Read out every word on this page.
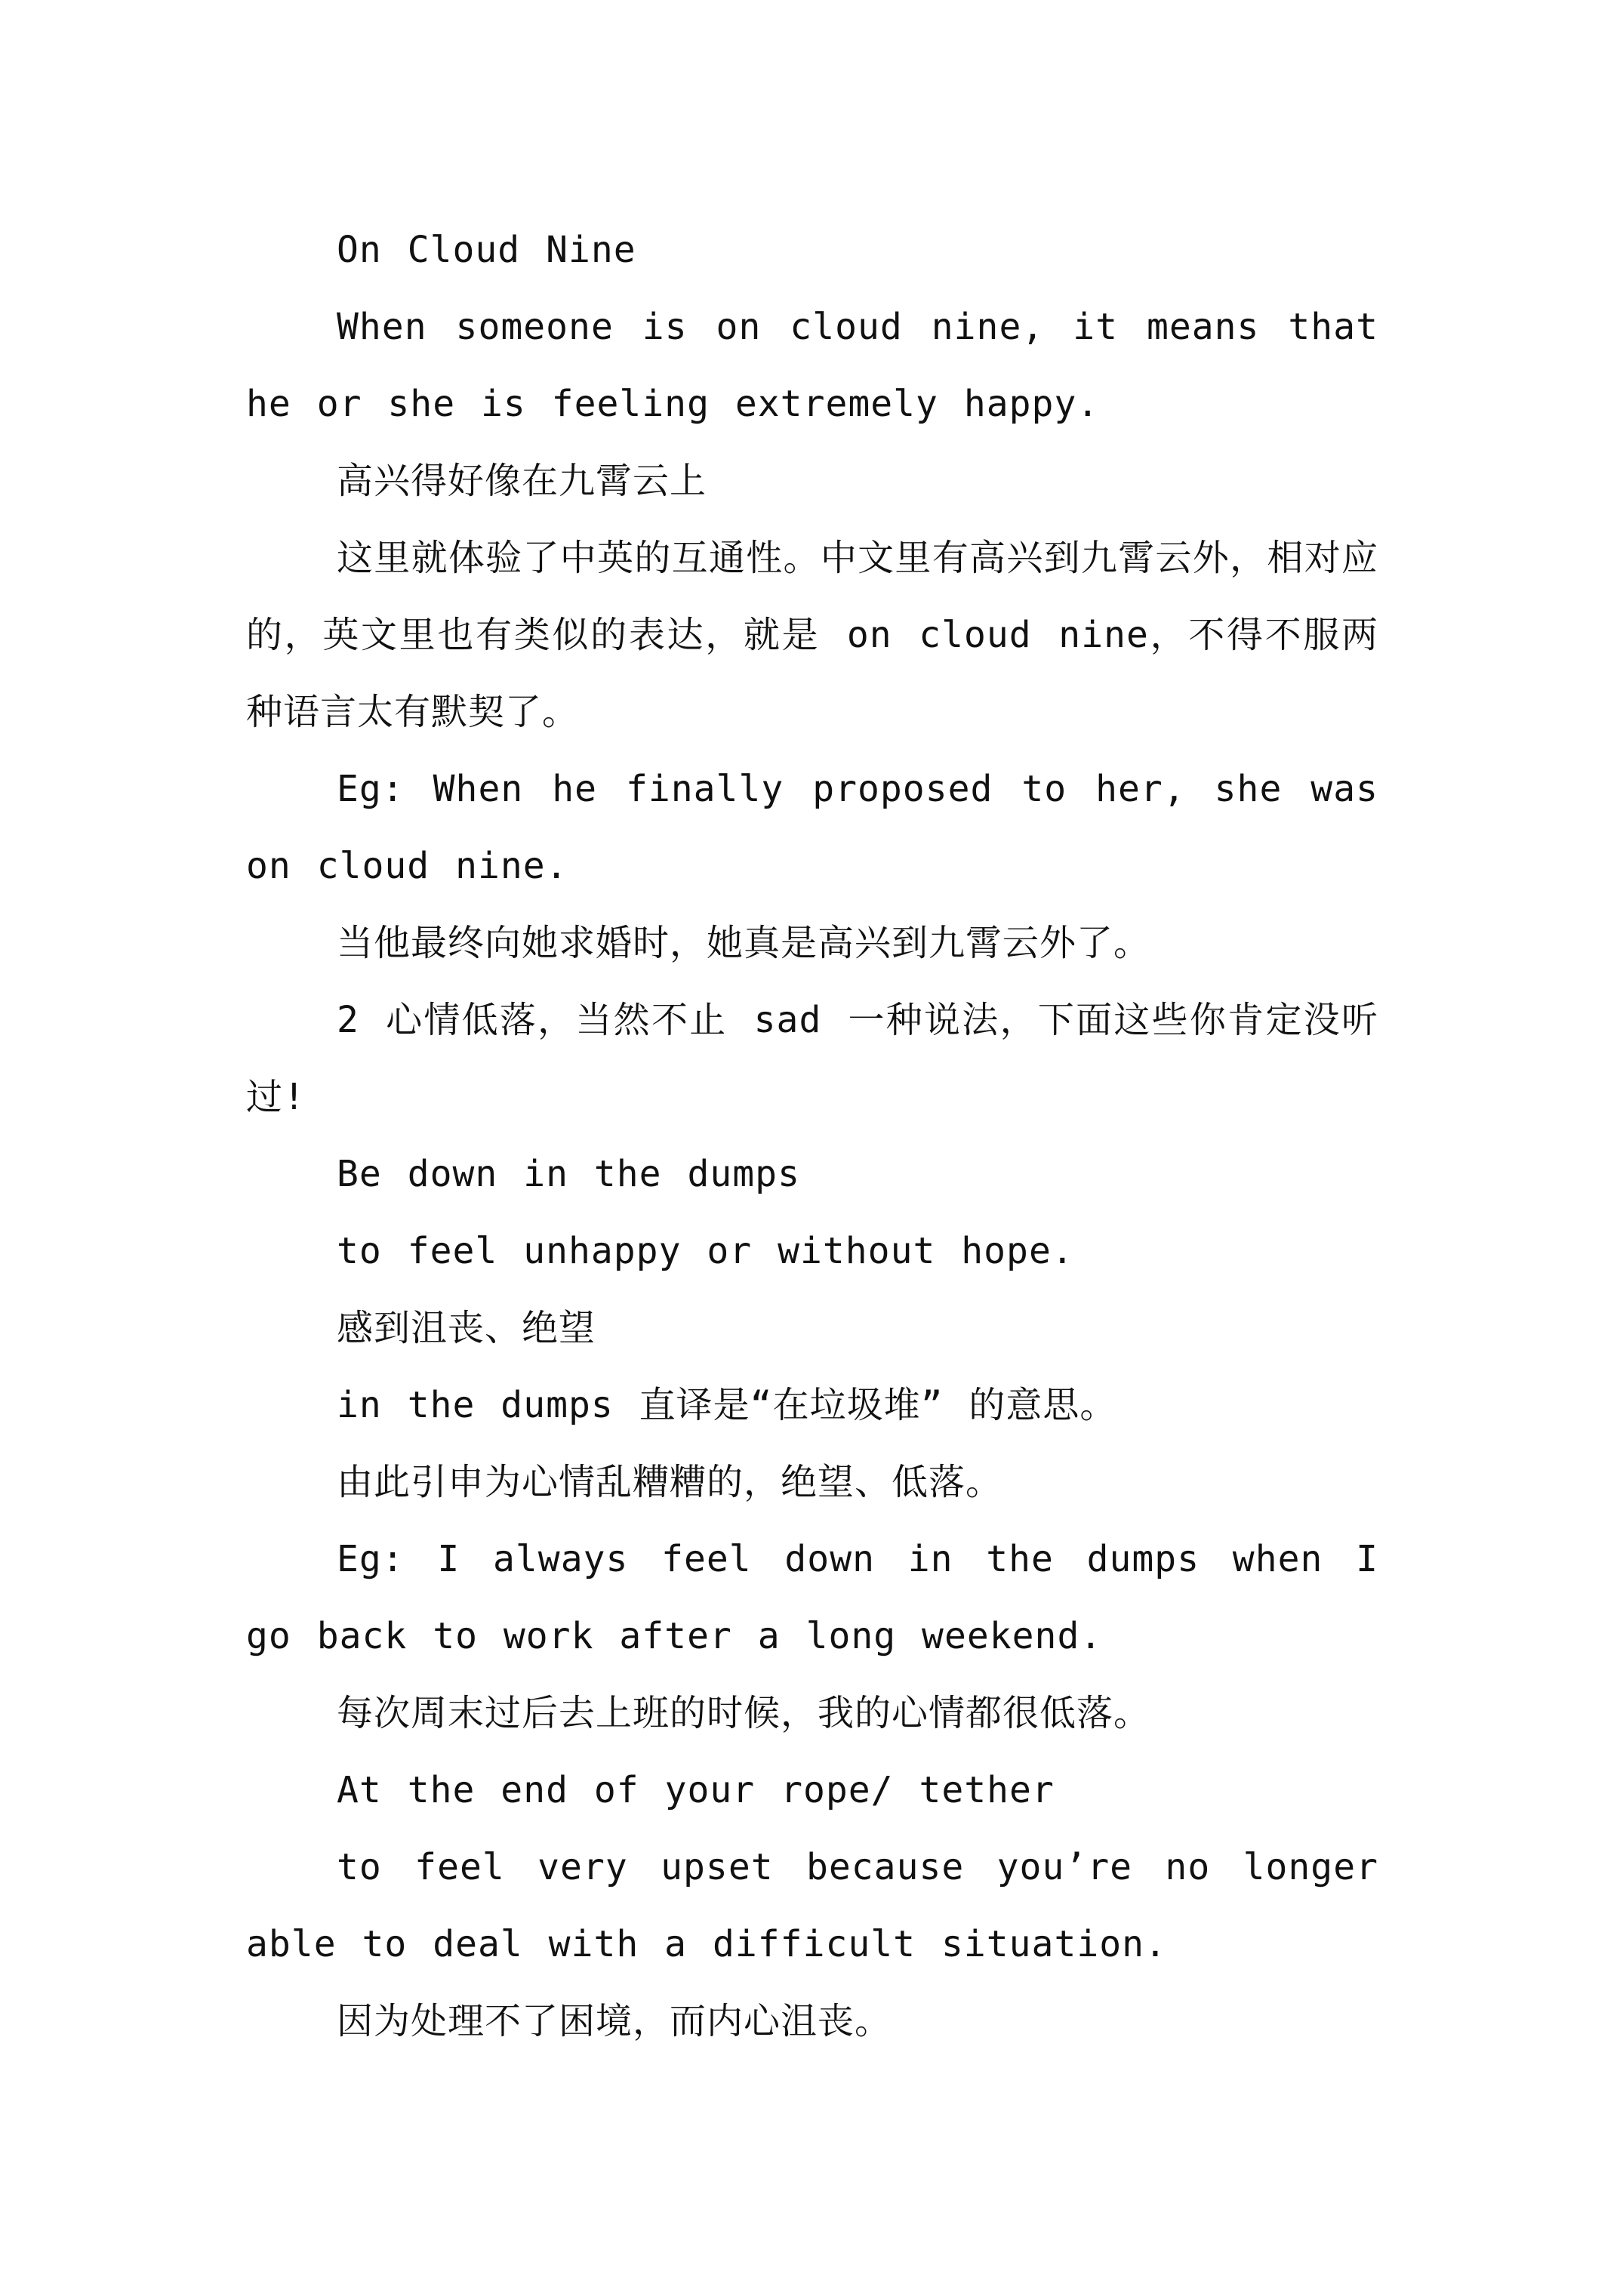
On Cloud Nine

When someone is on cloud nine, it means that he or she is feeling extremely happy.

高兴得好像在九霄云上

这里就体验了中英的互通性。中文里有高兴到九霄云外，相对应的，英文里也有类似的表达，就是 on cloud nine，不得不服两种语言太有默契了。

Eg: When he finally proposed to her, she was on cloud nine.

当他最终向她求婚时，她真是高兴到九霄云外了。

2 心情低落，当然不止 sad 一种说法，下面这些你肯定没听过!

Be down in the dumps

to feel unhappy or without hope.

感到沮丧、绝望

in the dumps 直译是“在垃圾堆” 的意思。

由此引申为心情乱糟糟的，绝望、低落。

Eg: I always feel down in the dumps when I go back to work after a long weekend.

每次周末过后去上班的时候，我的心情都很低落。

At the end of your rope/ tether

to feel very upset because you’re no longer able to deal with a difficult situation.

因为处理不了困境，而内心沮丧。
